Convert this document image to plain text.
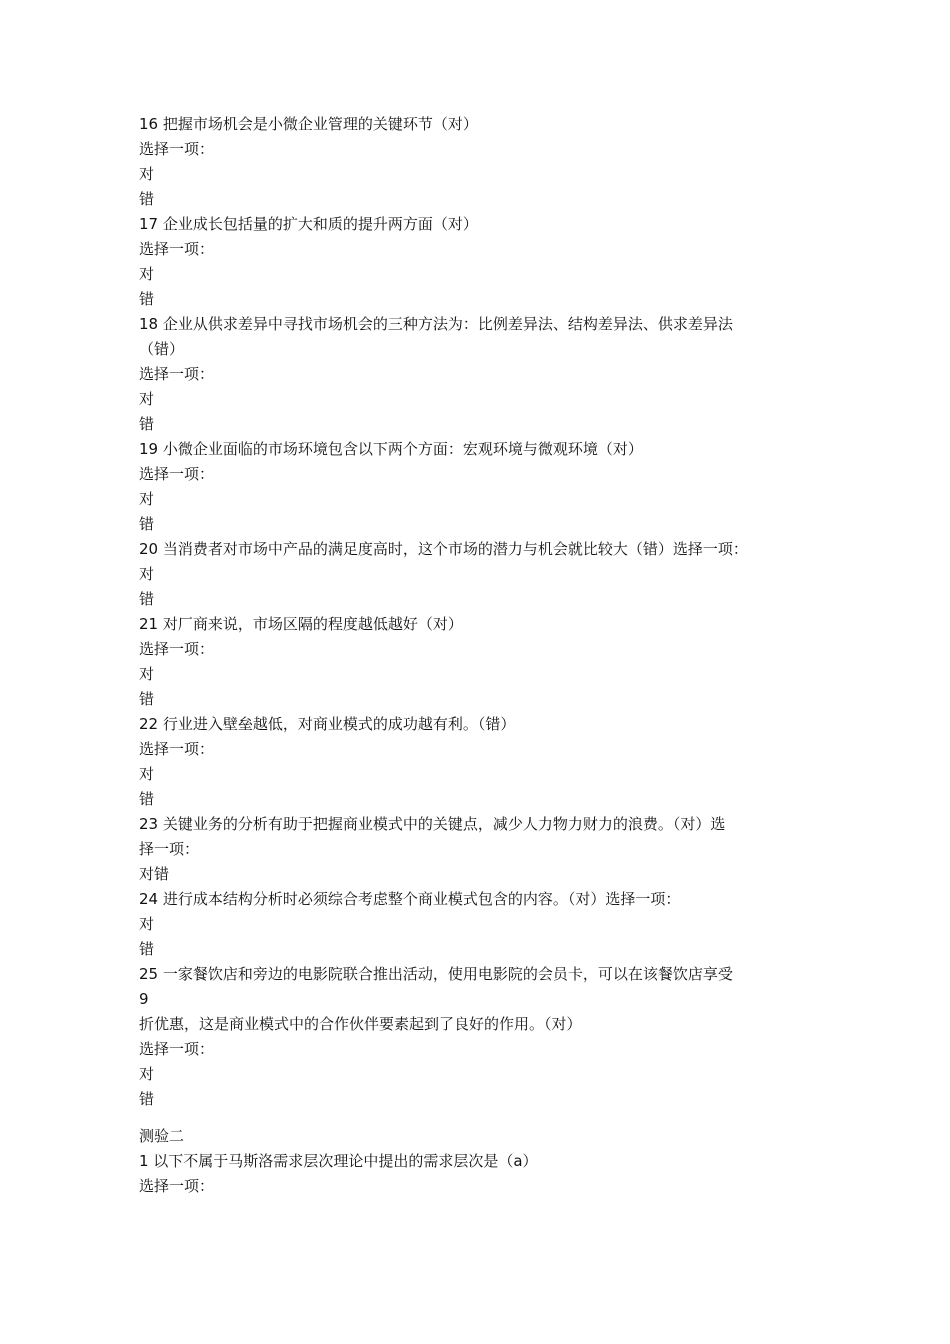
16 把握市场机会是小微企业管理的关键环节（对）
选择一项：
对
错
17 企业成长包括量的扩大和质的提升两方面（对）
选择一项：
对
错
18 企业从供求差异中寻找市场机会的三种方法为：比例差异法、结构差异法、供求差异法
（错）
选择一项：
对
错
19 小微企业面临的市场环境包含以下两个方面：宏观环境与微观环境（对）
选择一项：
对
错
20 当消费者对市场中产品的满足度高时，这个市场的潜力与机会就比较大（错）选择一项：
对
错
21 对厂商来说，市场区隔的程度越低越好（对）
选择一项：
对
错
22 行业进入壁垒越低，对商业模式的成功越有利。（错）
选择一项：
对
错
23 关键业务的分析有助于把握商业模式中的关键点，减少人力物力财力的浪费。（对）选
择一项：
对错
24 进行成本结构分析时必须综合考虑整个商业模式包含的内容。（对）选择一项：
对
错
25 一家餐饮店和旁边的电影院联合推出活动，使用电影院的会员卡，可以在该餐饮店享受
9
折优惠，这是商业模式中的合作伙伴要素起到了良好的作用。（对）
选择一项：
对
错
测验二
1 以下不属于马斯洛需求层次理论中提出的需求层次是（a）
选择一项：
